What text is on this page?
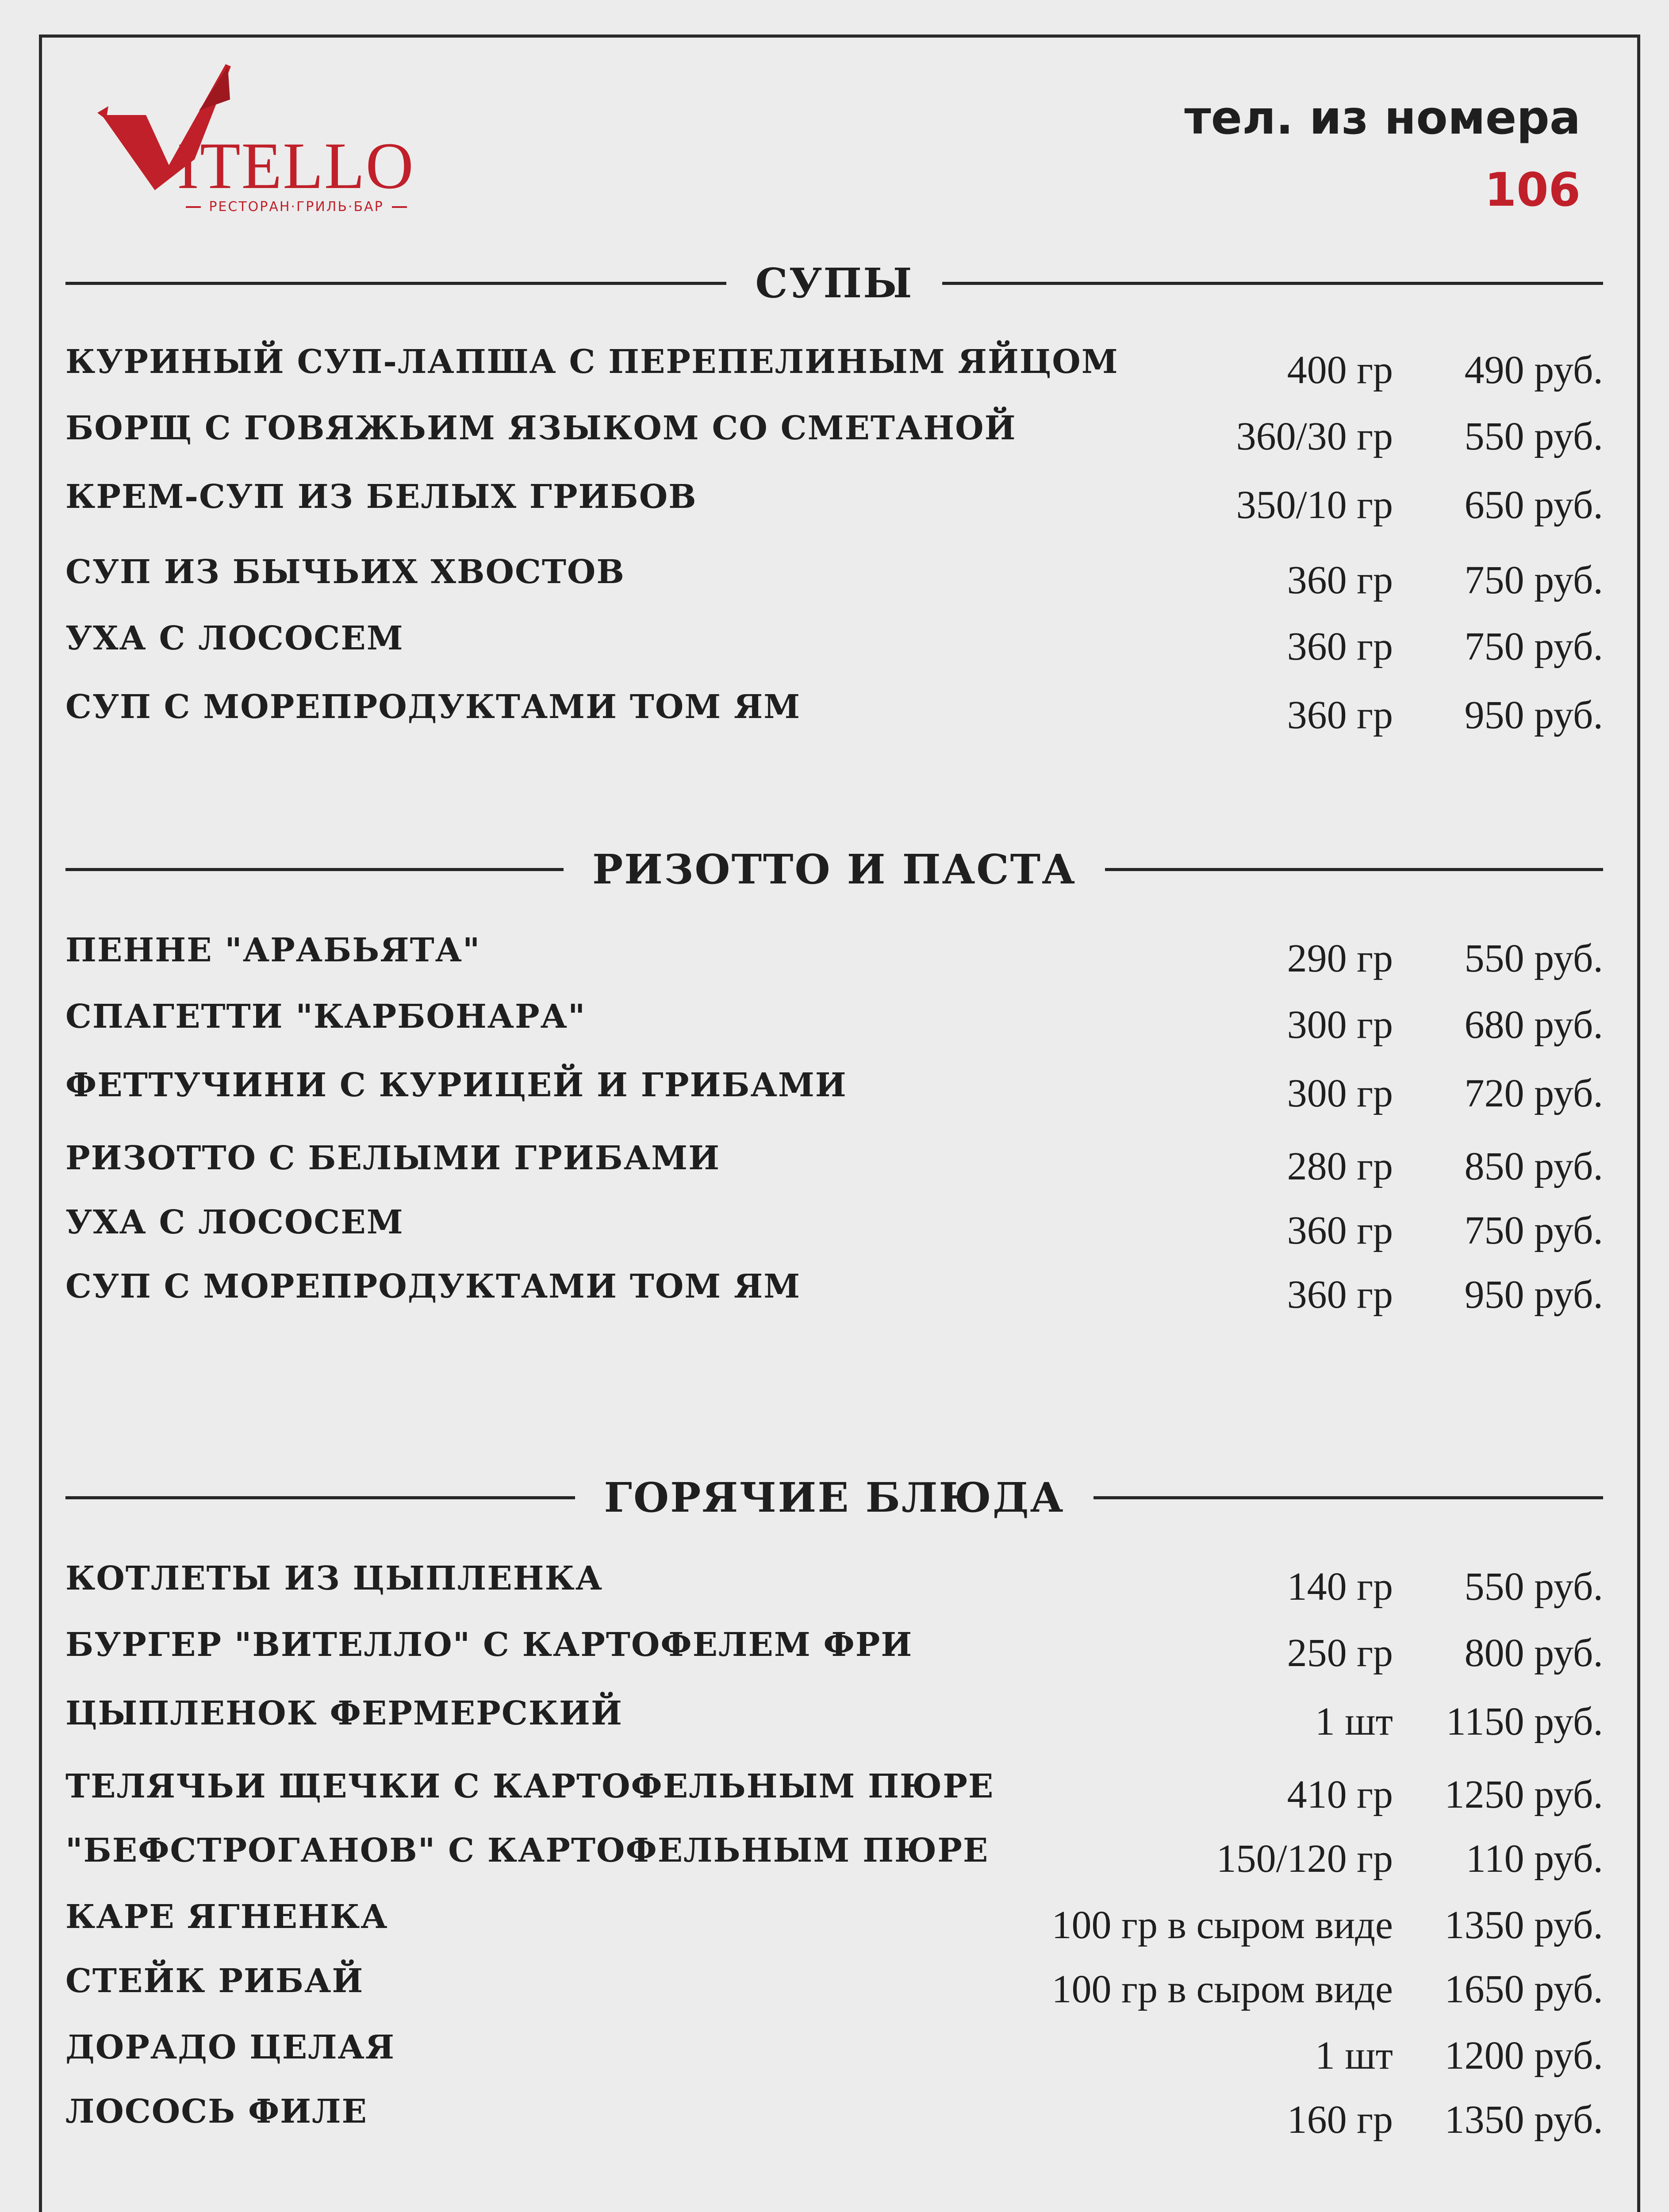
ITELLO
РЕСТОРАН·ГРИЛЬ·БАР
тел. из номера
106
СУПЫ
КУРИНЫЙ СУП-ЛАПША С ПЕРЕПЕЛИНЫМ ЯЙЦОМ	400 гр 490 руб.
БОРЩ С ГОВЯЖЬИМ ЯЗЫКОМ СО СМЕТАНОЙ	360/30 гр 550 руб.
КРЕМ-СУП ИЗ БЕЛЫХ ГРИБОВ	350/10 гр 650 руб.
СУП ИЗ БЫЧЬИХ ХВОСТОВ	360 гр 750 руб.
УХА С ЛОСОСЕМ	360 гр 750 руб.
СУП С МОРЕПРОДУКТАМИ ТОМ ЯМ	360 гр 950 руб.
РИЗОТТО И ПАСТА
ПЕННЕ "АРАБЬЯТА"	290 гр 550 руб.
СПАГЕТТИ "КАРБОНАРА"	300 гр 680 руб.
ФЕТТУЧИНИ С КУРИЦЕЙ И ГРИБАМИ	300 гр 720 руб.
РИЗОТТО С БЕЛЫМИ ГРИБАМИ	280 гр 850 руб.
УХА С ЛОСОСЕМ	360 гр 750 руб.
СУП С МОРЕПРОДУКТАМИ ТОМ ЯМ	360 гр 950 руб.
ГОРЯЧИЕ БЛЮДА
КОТЛЕТЫ ИЗ ЦЫПЛЕНКА	140 гр 550 руб.
БУРГЕР "ВИТЕЛЛО" С КАРТОФЕЛЕМ ФРИ	250 гр 800 руб.
ЦЫПЛЕНОК ФЕРМЕРСКИЙ	1 шт 1150 руб.
ТЕЛЯЧЬИ ЩЕЧКИ С КАРТОФЕЛЬНЫМ ПЮРЕ	410 гр 1250 руб.
"БЕФСТРОГАНОВ" С КАРТОФЕЛЬНЫМ ПЮРЕ	150/120 гр 110 руб.
КАРЕ ЯГНЕНКА	100 гр в сыром виде 1350 руб.
СТЕЙК РИБАЙ	100 гр в сыром виде 1650 руб.
ДОРАДО ЦЕЛАЯ	1 шт 1200 руб.
ЛОСОСЬ ФИЛЕ	160 гр 1350 руб.
